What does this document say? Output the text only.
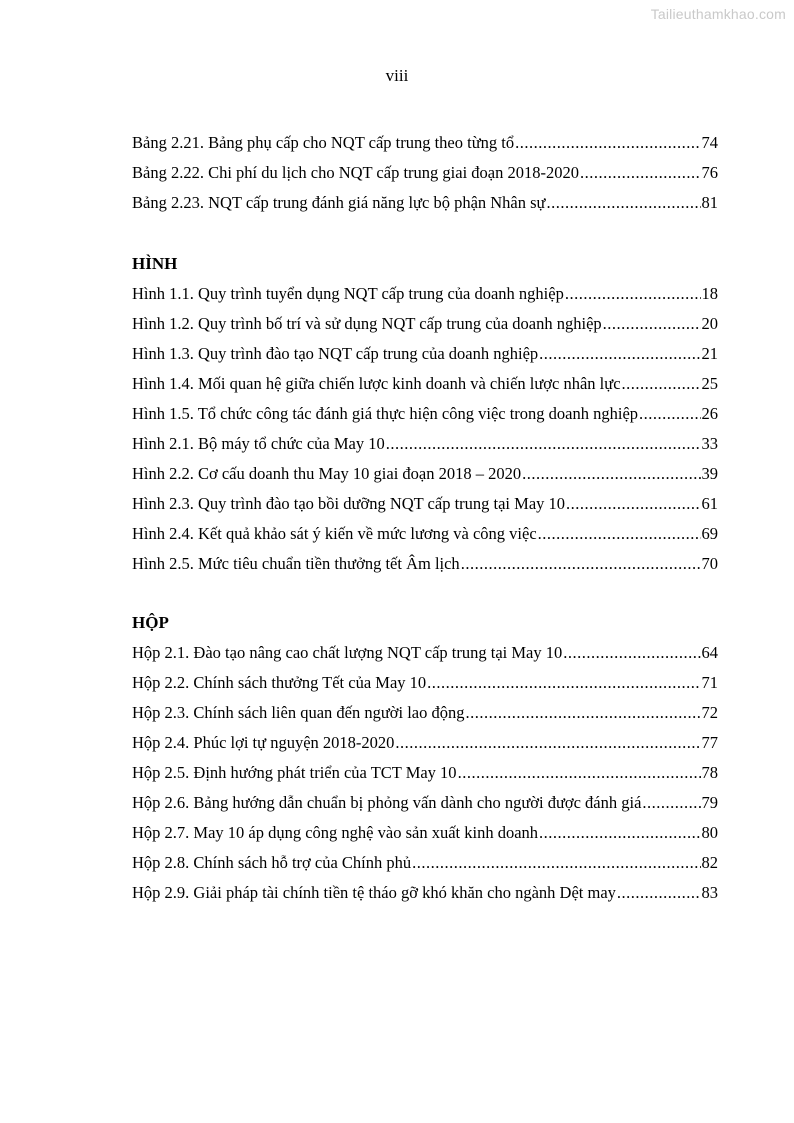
Tailieuthamkhao.com
viii
Bảng 2.21. Bảng phụ cấp cho NQT cấp trung theo từng tổ .....	74
Bảng 2.22. Chi phí du lịch cho NQT cấp trung giai đoạn 2018-2020 .....	76
Bảng 2.23. NQT cấp trung đánh giá năng lực bộ phận Nhân sự .....	81
HÌNH
Hình 1.1. Quy trình tuyển dụng NQT cấp trung của doanh nghiệp .....	18
Hình 1.2. Quy trình bố trí và sử dụng NQT cấp trung của doanh nghiệp .....	20
Hình 1.3. Quy trình đào tạo NQT cấp trung của doanh nghiệp .....	21
Hình 1.4. Mối quan hệ giữa chiến lược kinh doanh và chiến lược nhân lực .....	25
Hình 1.5. Tổ chức công tác đánh giá thực hiện công việc trong doanh nghiệp .....	26
Hình 2.1. Bộ máy tổ chức của May 10 .....	33
Hình 2.2. Cơ cấu doanh thu May 10 giai đoạn 2018 – 2020 .....	39
Hình 2.3. Quy trình đào tạo bồi dưỡng NQT cấp trung tại May 10 .....	61
Hình 2.4. Kết quả khảo sát ý kiến về mức lương và công việc .....	69
Hình 2.5. Mức tiêu chuẩn tiền thưởng tết Âm lịch .....	70
HỘP
Hộp 2.1. Đào tạo nâng cao chất lượng NQT cấp trung tại May 10 .....	64
Hộp 2.2. Chính sách thưởng Tết của May 10 .....	71
Hộp 2.3. Chính sách liên quan đến người lao động .....	72
Hộp 2.4. Phúc lợi tự nguyện 2018-2020 .....	77
Hộp 2.5. Định hướng phát triển của TCT May 10 .....	78
Hộp 2.6. Bảng hướng dẫn chuẩn bị phỏng vấn dành cho người được đánh giá .....	79
Hộp 2.7. May 10 áp dụng công nghệ vào sản xuất kinh doanh .....	80
Hộp 2.8. Chính sách hỗ trợ của Chính phủ .....	82
Hộp 2.9. Giải pháp tài chính tiền tệ tháo gỡ khó khăn cho ngành Dệt may .....	83
